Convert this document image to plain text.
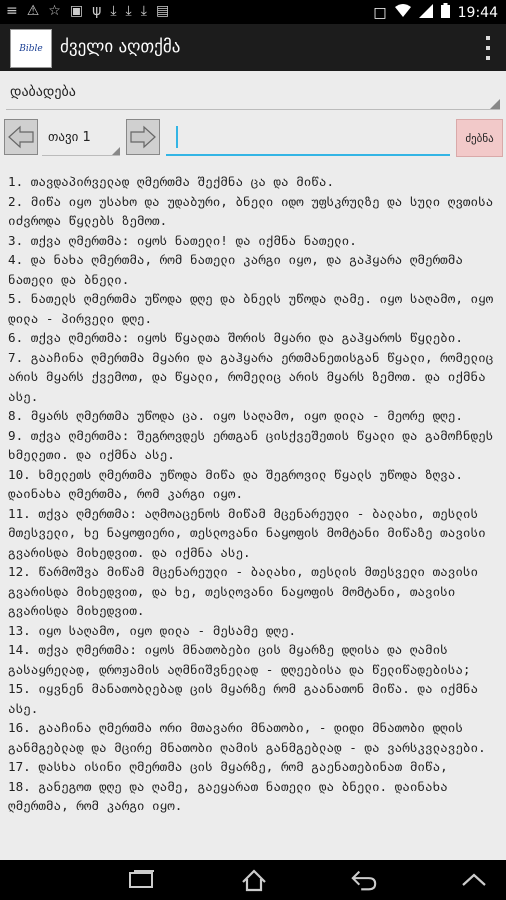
≡ ⚠ ☆ ▣ ψ ⤓ ⤓ ⤓ ▤	□	19:44
Bible ძველი აღთქმა
დაბადება
თავი 1	ძებნა

1. თავდაპირველად ღმერთმა შექმნა ცა და მიწა.

2. მიწა იყო უსახო და უდაბური, ბნელი იდო უფსკრულზე და სული ღვთისა იძვროდა წყლებს ზემოთ.

3. თქვა ღმერთმა: იყოს ნათელი! და იქმნა ნათელი.

4. და ნახა ღმერთმა, რომ ნათელი კარგი იყო, და გაჰყარა ღმერთმა ნათელი და ბნელი.

5. ნათელს ღმერთმა უწოდა დღე და ბნელს უწოდა ღამე. იყო საღამო, იყო დილა - პირველი დღე.

6. თქვა ღმერთმა: იყოს წყალთა შორის მყარი და გაჰყაროს წყლები.

7. გააჩინა ღმერთმა მყარი და გაჰყარა ერთმანეთისგან წყალი, რომელიც არის მყარს ქვემოთ, და წყალი, რომელიც არის მყარს ზემოთ. და იქმნა ასე.

8. მყარს ღმერთმა უწოდა ცა. იყო საღამო, იყო დილა - მეორე დღე.

9. თქვა ღმერთმა: შეგროვდეს ერთგან ცისქვეშეთის წყალი და გამოჩნდეს ხმელეთი. და იქმნა ასე.

10. ხმელეთს ღმერთმა უწოდა მიწა და შეგროვილ წყალს უწოდა ზღვა. დაინახა ღმერთმა, რომ კარგი იყო.

11. თქვა ღმერთმა: აღმოაცენოს მიწამ მცენარეული - ბალახი, თესლის მთესველი, ხე ნაყოფიერი, თესლოვანი ნაყოფის მომტანი მიწაზე თავისი გვარისდა მიხედვით. და იქმნა ასე.

12. წარმოშვა მიწამ მცენარეული - ბალახი, თესლის მთესველი თავისი გვარისდა მიხედვით, და ხე, თესლოვანი ნაყოფის მომტანი, თავისი გვარისდა მიხედვით.

13. იყო საღამო, იყო დილა - მესამე დღე.

14. თქვა ღმერთმა: იყოს მნათობები ცის მყარზე დღისა და ღამის გასაყრელად, დროჟამის აღმნიშვნელად - დღეებისა და წელიწადებისა;

15. იყვნენ მანათობლებად ცის მყარზე რომ გაანათონ მიწა. და იქმნა ასე.

16. გააჩინა ღმერთმა ორი მთავარი მნათობი, - დიდი მნათობი დღის განმგებლად და მცირე მნათობი ღამის განმგებლად - და ვარსკვლავები.

17. დასხა ისინი ღმერთმა ცის მყარზე, რომ გაენათებინათ მიწა,

18. განეგოთ დღე და ღამე, გაეყარათ ნათელი და ბნელი. დაინახა ღმერთმა, რომ კარგი იყო.
